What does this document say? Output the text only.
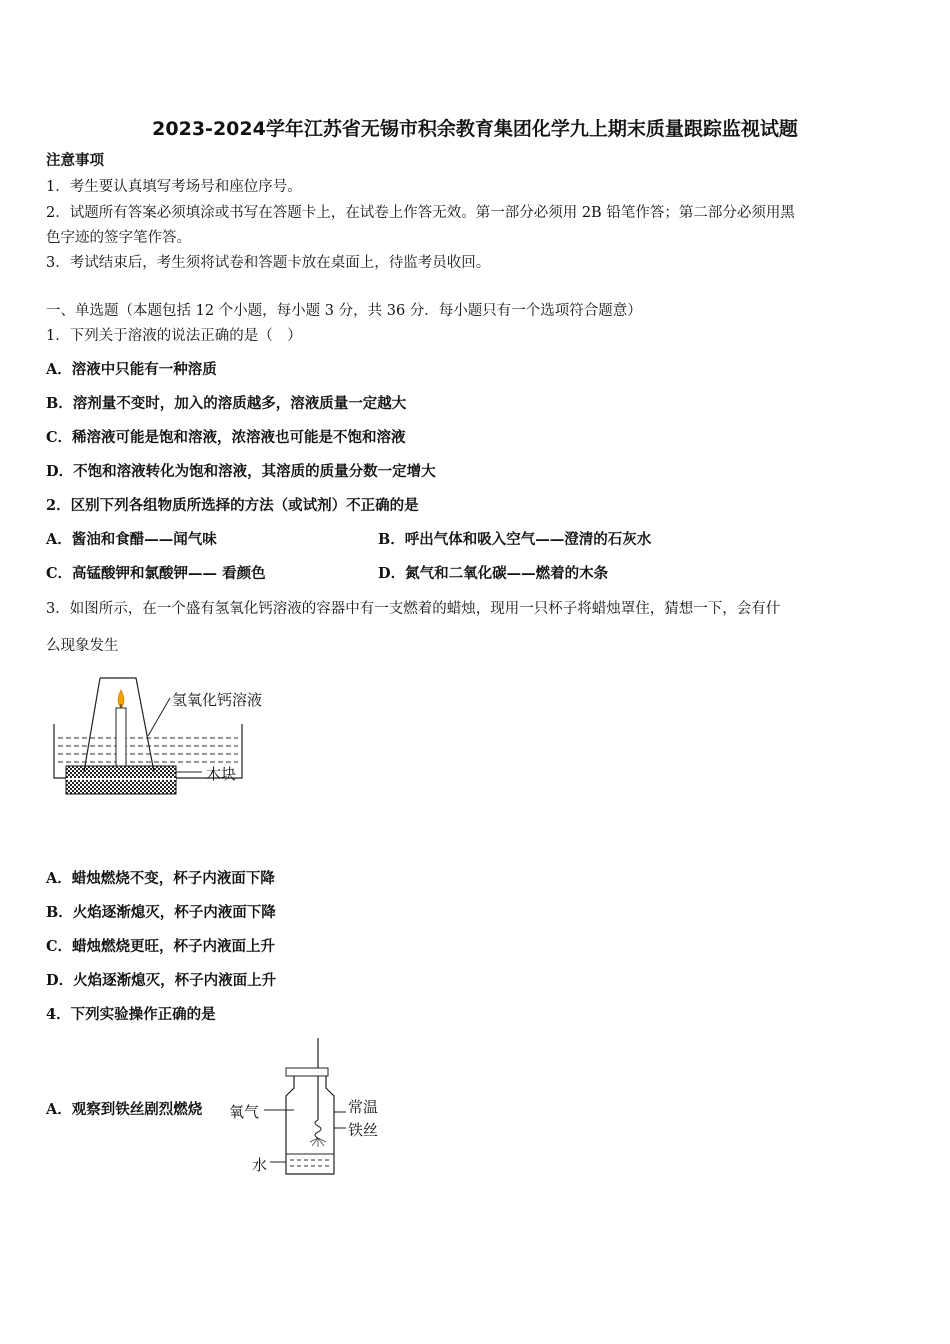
2023-2024学年江苏省无锡市积余教育集团化学九上期末质量跟踪监视试题
注意事项
1．考生要认真填写考场号和座位序号。
2．试题所有答案必须填涂或书写在答题卡上，在试卷上作答无效。第一部分必须用 2B 铅笔作答；第二部分必须用黑
色字迹的签字笔作答。
3．考试结束后，考生须将试卷和答题卡放在桌面上，待监考员收回。
一、单选题（本题包括 12 个小题，每小题 3 分，共 36 分．每小题只有一个选项符合题意）
1．下列关于溶液的说法正确的是（　）
A．溶液中只能有一种溶质
B．溶剂量不变时，加入的溶质越多，溶液质量一定越大
C．稀溶液可能是饱和溶液，浓溶液也可能是不饱和溶液
D．不饱和溶液转化为饱和溶液，其溶质的质量分数一定增大
2．区别下列各组物质所选择的方法（或试剂）不正确的是
A．酱油和食醋——闻气味	B．呼出气体和吸入空气——澄清的石灰水
C．高锰酸钾和氯酸钾—— 看颜色	D．氮气和二氧化碳——燃着的木条
3．如图所示，在一个盛有氢氧化钙溶液的容器中有一支燃着的蜡烛，现用一只杯子将蜡烛罩住，猜想一下，会有什
么现象发生
氢氧化钙溶液
木块
A．蜡烛燃烧不变，杯子内液面下降
B．火焰逐渐熄灭，杯子内液面下降
C．蜡烛燃烧更旺，杯子内液面上升
D．火焰逐渐熄灭，杯子内液面上升
4．下列实验操作正确的是
A．观察到铁丝剧烈燃烧 氧气	常温
铁丝
水
